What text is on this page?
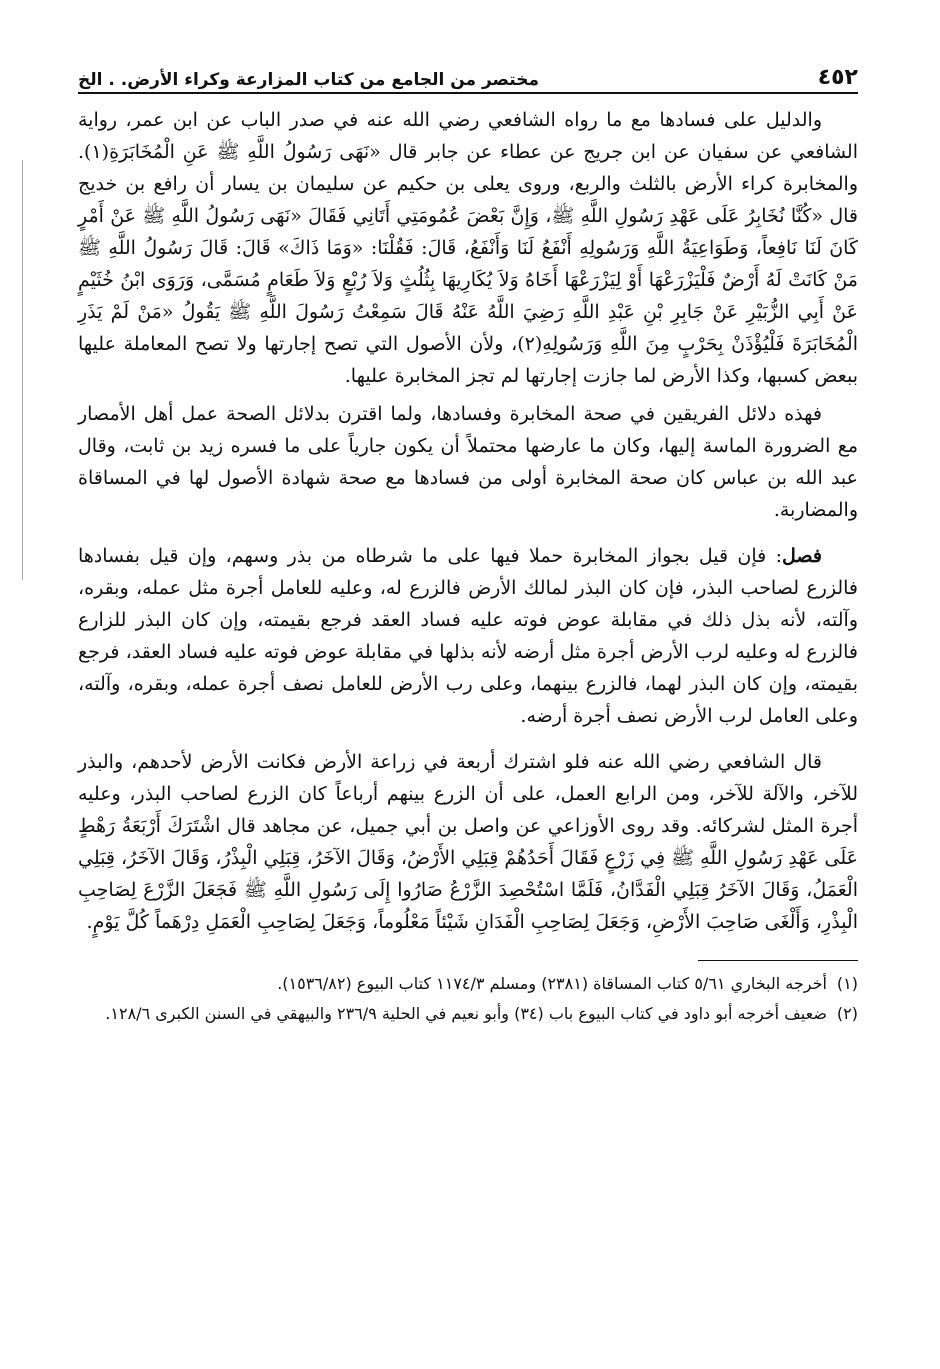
٤٥٢
مختصر من الجامع من كتاب المزارعة وكراء الأرض. . الخ

والدليل على فسادها مع ما رواه الشافعي رضي الله عنه في صدر الباب عن ابن عمر، رواية الشافعي عن سفيان عن ابن جريج عن عطاء عن جابر قال «نَهَى رَسُولُ اللَّهِ ﷺ عَنِ الْمُخَابَرَةِ(١). والمخابرة كراء الأرض بالثلث والربع، وروى يعلى بن حكيم عن سليمان بن يسار أن رافع بن خديج قال «كُنَّا نُخَابِرُ عَلَى عَهْدِ رَسُولِ اللَّهِ ﷺ، وَإِنَّ بَعْضَ عُمُومَتِي أَتَانِي فَقَالَ «نَهَى رَسُولُ اللَّهِ ﷺ عَنْ أَمْرٍ كَانَ لَنَا نَافِعاً، وَطَوَاعِيَةُ اللَّهِ وَرَسُولِهِ أَنْفَعُ لَنَا وَأَنْفَعُ، قَالَ: فَقُلْنَا: «وَمَا ذَاكَ» قَالَ: قَالَ رَسُولُ اللَّهِ ﷺ مَنْ كَانَتْ لَهُ أَرْضٌ فَلْيَزْرَعْهَا أَوْ لِيَزْرَعْهَا أَخَاهُ وَلاَ يُكَارِيهَا بِثُلُثٍ وَلاَ رُبْعٍ وَلاَ طَعَامٍ مُسَمَّى، وَرَوَى ابْنُ خُثَيْمٍ عَنْ أَبِي الزُّبَيْرِ عَنْ جَابِرِ بْنِ عَبْدِ اللَّهِ رَضِيَ اللَّهُ عَنْهُ قَالَ سَمِعْتُ رَسُولَ اللَّهِ ﷺ يَقُولُ «مَنْ لَمْ يَذَرِ الْمُخَابَرَةَ فَلْيُؤْذَنْ بِحَرْبٍ مِنَ اللَّهِ وَرَسُولِهِ(٢)، ولأن الأصول التي تصح إجارتها ولا تصح المعاملة عليها ببعض كسبها، وكذا الأرض لما جازت إجارتها لم تجز المخابرة عليها.

فهذه دلائل الفريقين في صحة المخابرة وفسادها، ولما اقترن بدلائل الصحة عمل أهل الأمصار مع الضرورة الماسة إليها، وكان ما عارضها محتملاً أن يكون جارياً على ما فسره زيد بن ثابت، وقال عبد الله بن عباس كان صحة المخابرة أولى من فسادها مع صحة شهادة الأصول لها في المساقاة والمضاربة.

فصل: فإن قيل بجواز المخابرة حملا فيها على ما شرطاه من بذر وسهم، وإن قيل بفسادها فالزرع لصاحب البذر، فإن كان البذر لمالك الأرض فالزرع له، وعليه للعامل أجرة مثل عمله، وبقره، وآلته، لأنه بذل ذلك في مقابلة عوض فوته عليه فساد العقد فرجع بقيمته، وإن كان البذر للزارع فالزرع له وعليه لرب الأرض أجرة مثل أرضه لأنه بذلها في مقابلة عوض فوته عليه فساد العقد، فرجع بقيمته، وإن كان البذر لهما، فالزرع بينهما، وعلى رب الأرض للعامل نصف أجرة عمله، وبقره، وآلته، وعلى العامل لرب الأرض نصف أجرة أرضه.

قال الشافعي رضي الله عنه فلو اشترك أربعة في زراعة الأرض فكانت الأرض لأحدهم، والبذر للآخر، والآلة للآخر، ومن الرابع العمل، على أن الزرع بينهم أرباعاً كان الزرع لصاحب البذر، وعليه أجرة المثل لشركائه. وقد روى الأوزاعي عن واصل بن أبي جميل، عن مجاهد قال اشْتَرَكَ أَرْبَعَةُ رَهْطٍ عَلَى عَهْدِ رَسُولِ اللَّهِ ﷺ فِي زَرْعٍ فَقَالَ أَحَدُهُمْ قِبَلِي الأَرْضُ، وَقَالَ الآخَرُ، قِبَلِي الْبِذْرُ، وَقَالَ الآخَرُ، قِبَلِي الْعَمَلُ، وَقَالَ الآخَرُ قِبَلِي الْفَدَّانُ، فَلَمَّا اسْتُحْصِدَ الزَّرْعُ صَارُوا إِلَى رَسُولِ اللَّهِ ﷺ فَجَعَلَ الزَّرْعَ لِصَاحِبِ الْبِذْرِ، وَأَلْغَى صَاحِبَ الأَرْضِ، وَجَعَلَ لِصَاحِبِ الْفَدَانِ شَيْئاً مَعْلُوماً، وَجَعَلَ لِصَاحِبِ الْعَمَلِ دِرْهَماً كُلَّ يَوْمٍ.

(١)أخرجه البخاري ٥/٦١ كتاب المساقاة (٢٣٨١) ومسلم ١١٧٤/٣ كتاب البيوع (١٥٣٦/٨٢).

(٢)ضعيف أخرجه أبو داود في كتاب البيوع باب (٣٤) وأبو نعيم في الحلية ٢٣٦/٩ والبيهقي في السنن الكبرى ١٢٨/٦.
